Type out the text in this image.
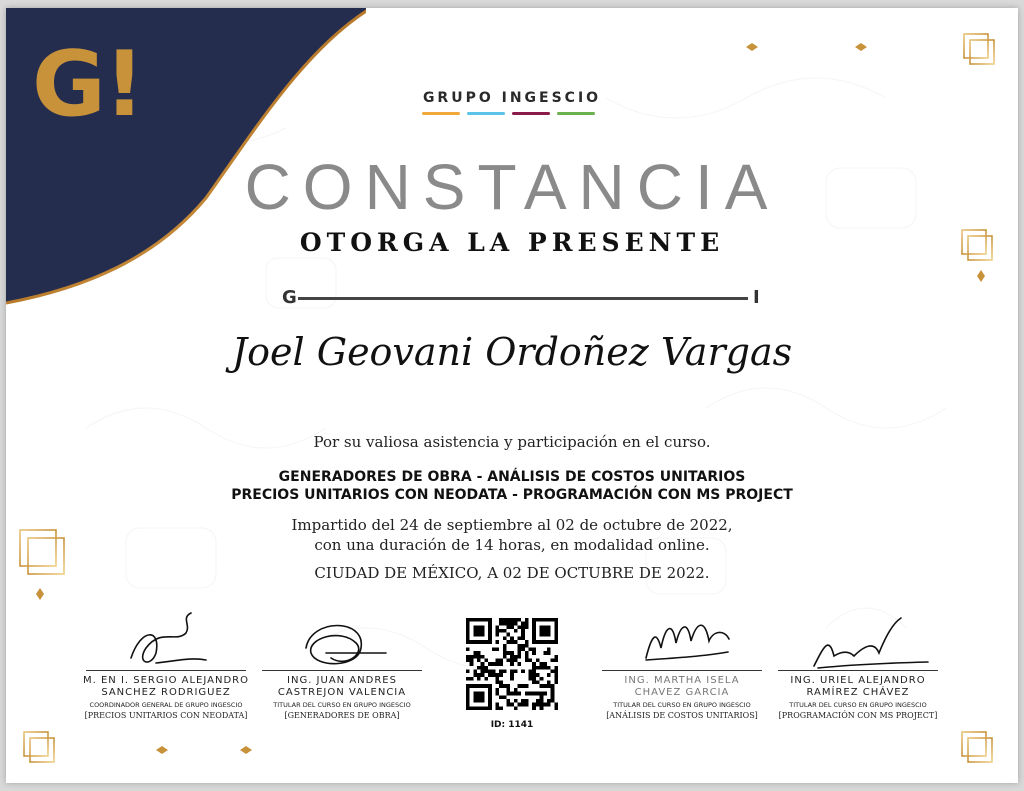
G!	GRUPO INGESCIO
CONSTANCIA
OTORGA LA PRESENTE
G	I
Joel Geovani Ordoñez Vargas
Por su valiosa asistencia y participación en el curso.
GENERADORES DE OBRA - ANÁLISIS DE COSTOS UNITARIOS
PRECIOS UNITARIOS CON NEODATA - PROGRAMACIÓN CON MS PROJECT
Impartido del 24 de septiembre al 02 de octubre de 2022,
con una duración de 14 horas, en modalidad online.
CIUDAD DE MÉXICO, A 02 DE OCTUBRE DE 2022.
M. EN I. SERGIO ALEJANDRO
SANCHEZ RODRIGUEZ
COORDINADOR GENERAL DE GRUPO INGESCIO
[PRECIOS UNITARIOS CON NEODATA]
ING. JUAN ANDRES
CASTREJON VALENCIA
TITULAR DEL CURSO EN GRUPO INGESCIO
[GENERADORES DE OBRA]
ING. MARTHA ISELA
CHAVEZ GARCIA
TITULAR DEL CURSO EN GRUPO INGESCIO
[ANÁLISIS DE COSTOS UNITARIOS]
ING. URIEL ALEJANDRO
RAMÍREZ CHÁVEZ
TITULAR DEL CURSO EN GRUPO INGESCIO
[PROGRAMACIÓN CON MS PROJECT]
ID: 1141
